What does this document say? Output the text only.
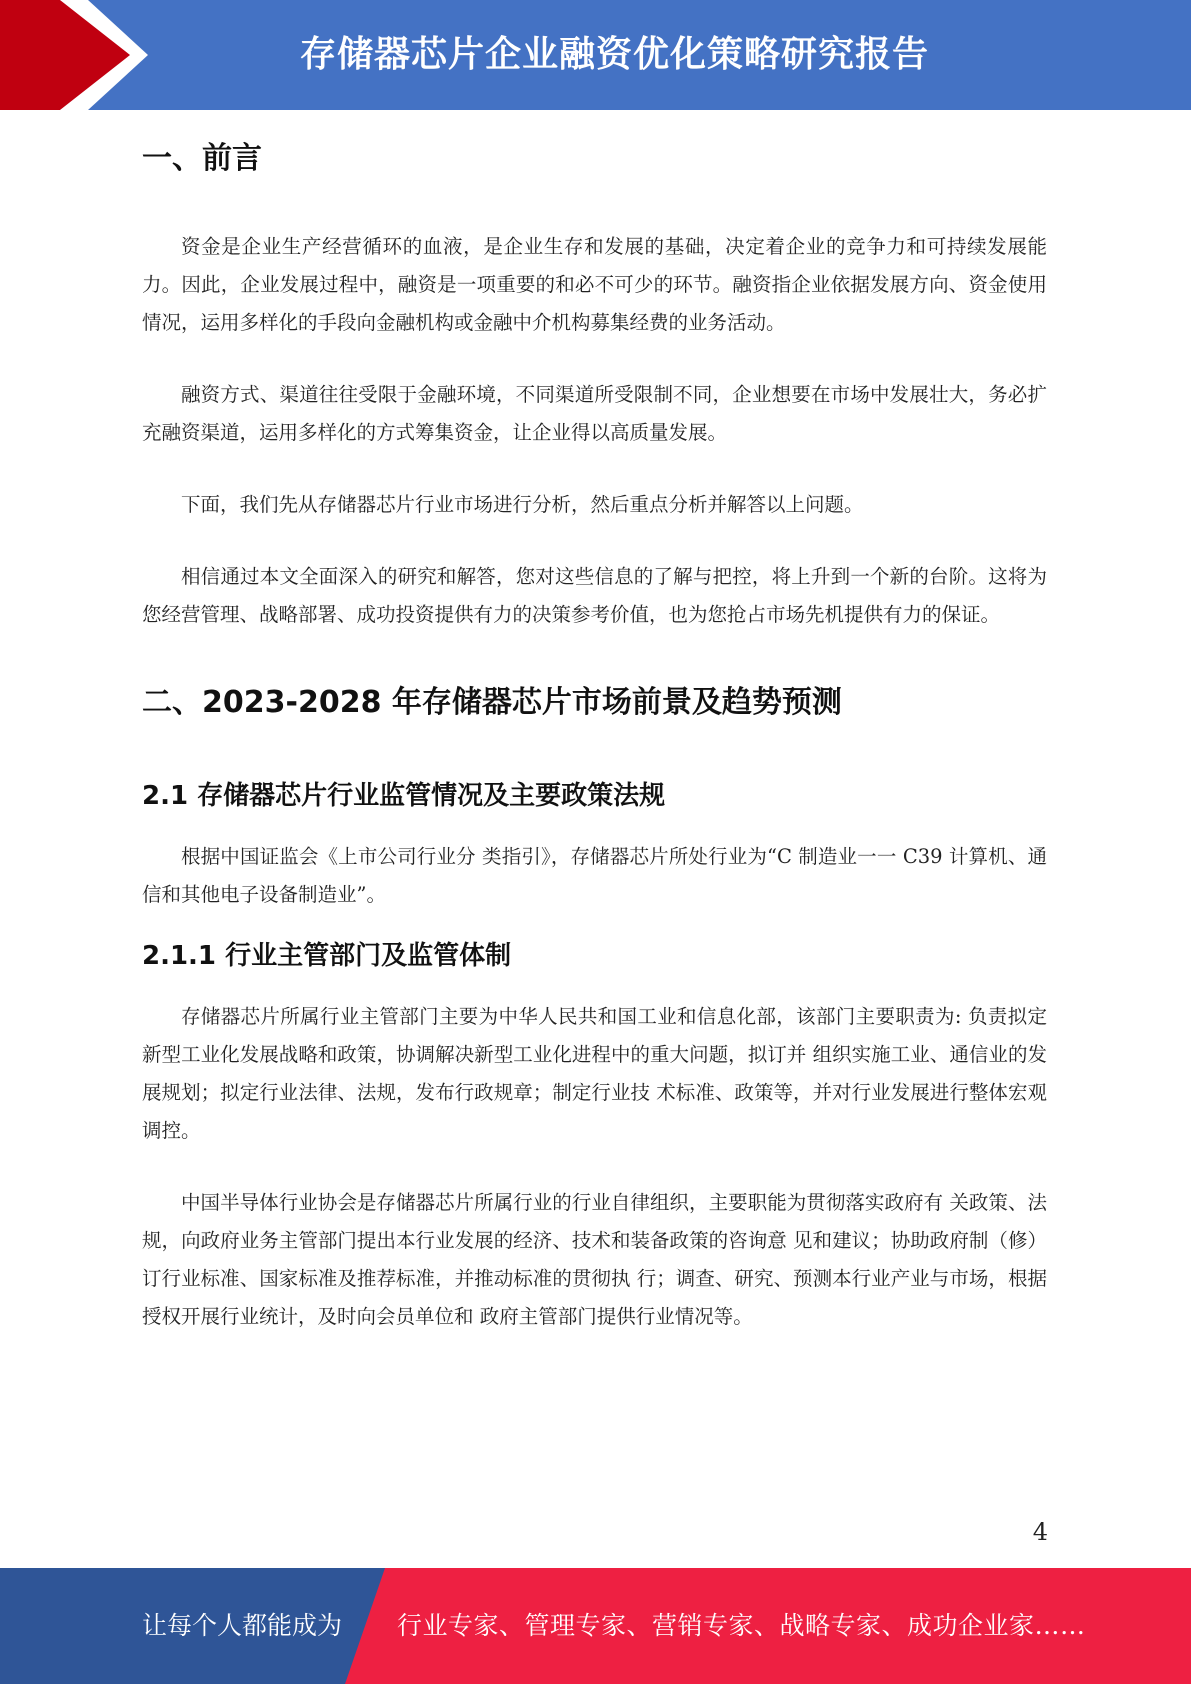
存储器芯片企业融资优化策略研究报告
一、前言

资金是企业生产经营循环的血液，是企业生存和发展的基础，决定着企业的竞争力和可持续发展能力。因此，企业发展过程中，融资是一项重要的和必不可少的环节。融资指企业依据发展方向、资金使用情况，运用多样化的手段向金融机构或金融中介机构募集经费的业务活动。

融资方式、渠道往往受限于金融环境，不同渠道所受限制不同，企业想要在市场中发展壮大，务必扩充融资渠道，运用多样化的方式筹集资金，让企业得以高质量发展。

下面，我们先从存储器芯片行业市场进行分析，然后重点分析并解答以上问题。

相信通过本文全面深入的研究和解答，您对这些信息的了解与把控，将上升到一个新的台阶。这将为您经营管理、战略部署、成功投资提供有力的决策参考价值，也为您抢占市场先机提供有力的保证。

二、2023-2028 年存储器芯片市场前景及趋势预测
2.1 存储器芯片行业监管情况及主要政策法规

根据中国证监会《上市公司行业分 类指引》，存储器芯片所处行业为“C 制造业一一 C39 计算机、通信和其他电子设备制造业”。

2.1.1 行业主管部门及监管体制

存储器芯片所属行业主管部门主要为中华人民共和国工业和信息化部，该部门主要职责为: 负责拟定新型工业化发展战略和政策，协调解决新型工业化进程中的重大问题，拟订并 组织实施工业、通信业的发展规划；拟定行业法律、法规，发布行政规章；制定行业技 术标准、政策等，并对行业发展进行整体宏观调控。

中国半导体行业协会是存储器芯片所属行业的行业自律组织，主要职能为贯彻落实政府有 关政策、法规，向政府业务主管部门提出本行业发展的经济、技术和装备政策的咨询意 见和建议；协助政府制（修）订行业标准、国家标准及推荐标准，并推动标准的贯彻执 行；调查、研究、预测本行业产业与市场，根据授权开展行业统计，及时向会员单位和 政府主管部门提供行业情况等。

4
让每个人都能成为 行业专家、管理专家、营销专家、战略专家、成功企业家……
